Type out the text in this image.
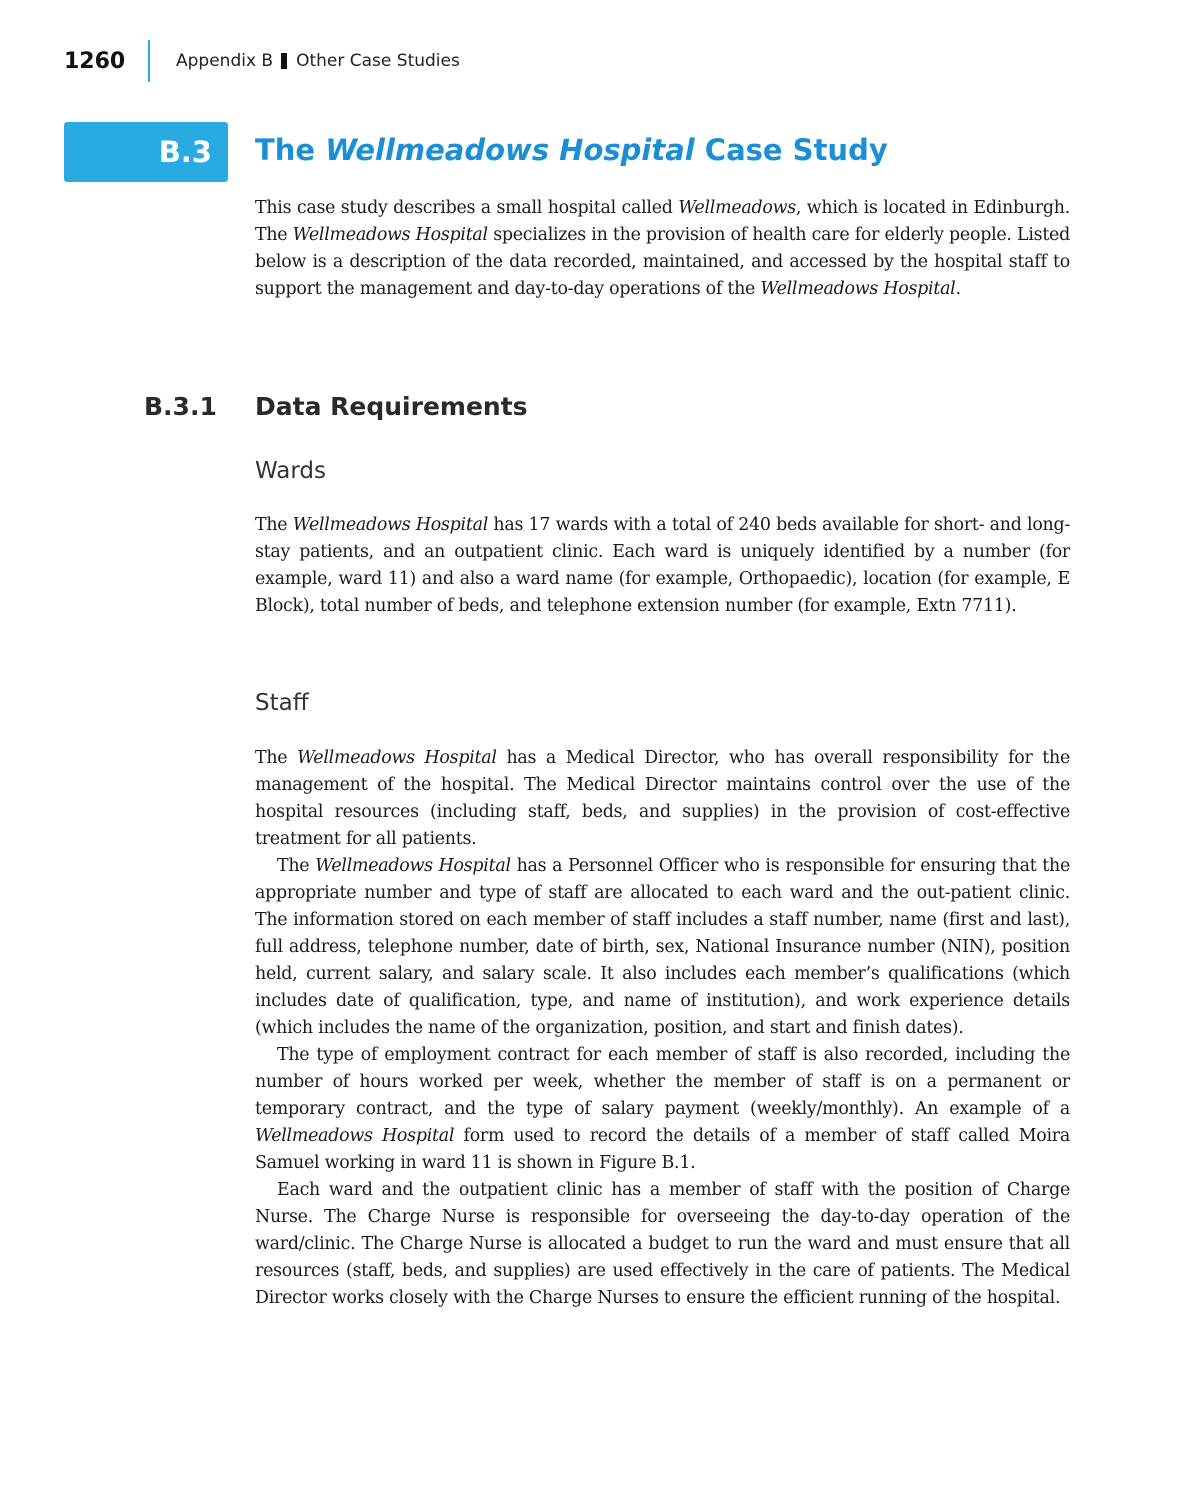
1260	Appendix B Other Case Studies
B.3 The Wellmeadows Hospital Case Study

This case study describes a small hospital called Wellmeadows, which is located in Edinburgh. The Wellmeadows Hospital specializes in the provision of health care for elderly people. Listed below is a description of the data recorded, maintained, and accessed by the hospital staff to support the management and day-to-day operations of the Wellmeadows Hospital.

B.3.1 Data Requirements
Wards

The Wellmeadows Hospital has 17 wards with a total of 240 beds available for short- and long-stay patients, and an outpatient clinic. Each ward is uniquely identified by a number (for example, ward 11) and also a ward name (for example, Orthopaedic), location (for example, E Block), total number of beds, and telephone extension number (for example, Extn 7711).

Staff

The Wellmeadows Hospital has a Medical Director, who has overall responsibility for the management of the hospital. The Medical Director maintains control over the use of the hospital resources (including staff, beds, and supplies) in the provision of cost-effective treatment for all patients.

The Wellmeadows Hospital has a Personnel Officer who is responsible for ensuring that the appropriate number and type of staff are allocated to each ward and the out-patient clinic. The information stored on each member of staff includes a staff number, name (first and last), full address, telephone number, date of birth, sex, National Insurance number (NIN), position held, current salary, and salary scale. It also includes each member’s qualifications (which includes date of qualification, type, and name of institution), and work experience details (which includes the name of the organization, position, and start and finish dates).

The type of employment contract for each member of staff is also recorded, including the number of hours worked per week, whether the member of staff is on a permanent or temporary contract, and the type of salary payment (weekly/monthly). An example of a Wellmeadows Hospital form used to record the details of a member of staff called Moira Samuel working in ward 11 is shown in Figure B.1.

Each ward and the outpatient clinic has a member of staff with the position of Charge Nurse. The Charge Nurse is responsible for overseeing the day-to-day operation of the ward/clinic. The Charge Nurse is allocated a budget to run the ward and must ensure that all resources (staff, beds, and supplies) are used effectively in the care of patients. The Medical Director works closely with the Charge Nurses to ensure the efficient running of the hospital.
